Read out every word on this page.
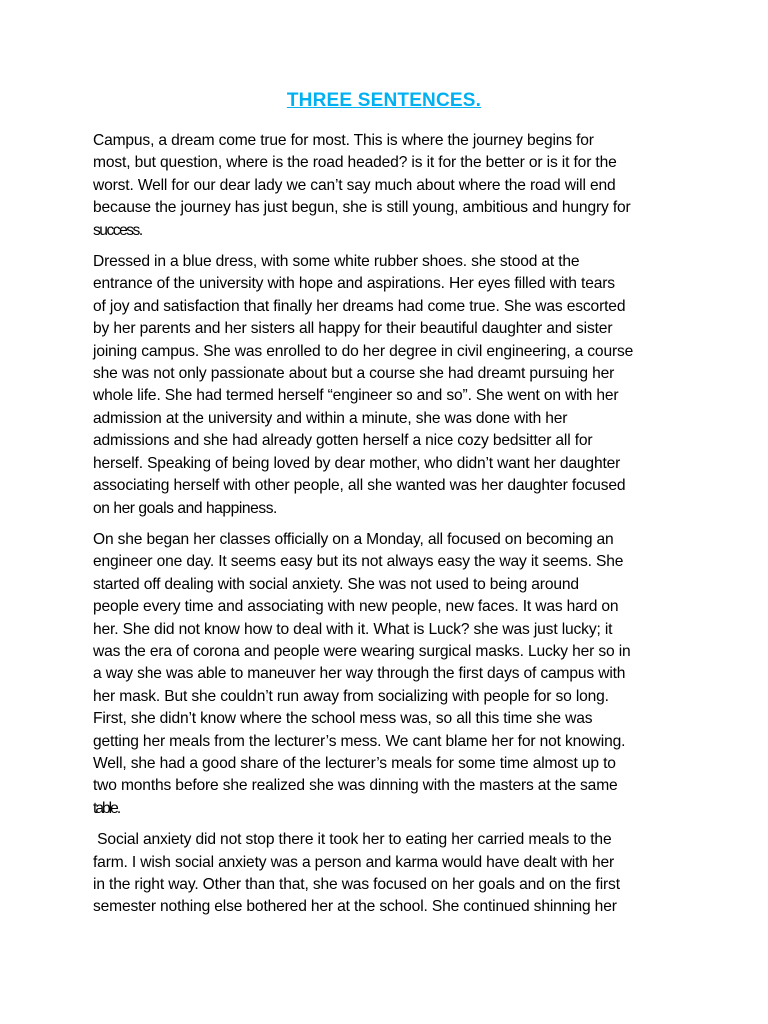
THREE SENTENCES.
Campus, a dream come true for most. This is where the journey begins for
most, but question, where is the road headed? is it for the better or is it for the
worst. Well for our dear lady we can’t say much about where the road will end
because the journey has just begun, she is still young, ambitious and hungry for
success.
Dressed in a blue dress, with some white rubber shoes. she stood at the
entrance of the university with hope and aspirations. Her eyes filled with tears
of joy and satisfaction that finally her dreams had come true. She was escorted
by her parents and her sisters all happy for their beautiful daughter and sister
joining campus. She was enrolled to do her degree in civil engineering, a course
she was not only passionate about but a course she had dreamt pursuing her
whole life. She had termed herself “engineer so and so”. She went on with her
admission at the university and within a minute, she was done with her
admissions and she had already gotten herself a nice cozy bedsitter all for
herself. Speaking of being loved by dear mother, who didn’t want her daughter
associating herself with other people, all she wanted was her daughter focused
on her goals and happiness.
On she began her classes officially on a Monday, all focused on becoming an
engineer one day. It seems easy but its not always easy the way it seems. She
started off dealing with social anxiety. She was not used to being around
people every time and associating with new people, new faces. It was hard on
her. She did not know how to deal with it. What is Luck? she was just lucky; it
was the era of corona and people were wearing surgical masks. Lucky her so in
a way she was able to maneuver her way through the first days of campus with
her mask. But she couldn’t run away from socializing with people for so long.
First, she didn’t know where the school mess was, so all this time she was
getting her meals from the lecturer’s mess. We cant blame her for not knowing.
Well, she had a good share of the lecturer’s meals for some time almost up to
two months before she realized she was dinning with the masters at the same
table.
Social anxiety did not stop there it took her to eating her carried meals to the
farm. I wish social anxiety was a person and karma would have dealt with her
in the right way. Other than that, she was focused on her goals and on the first
semester nothing else bothered her at the school. She continued shinning her
